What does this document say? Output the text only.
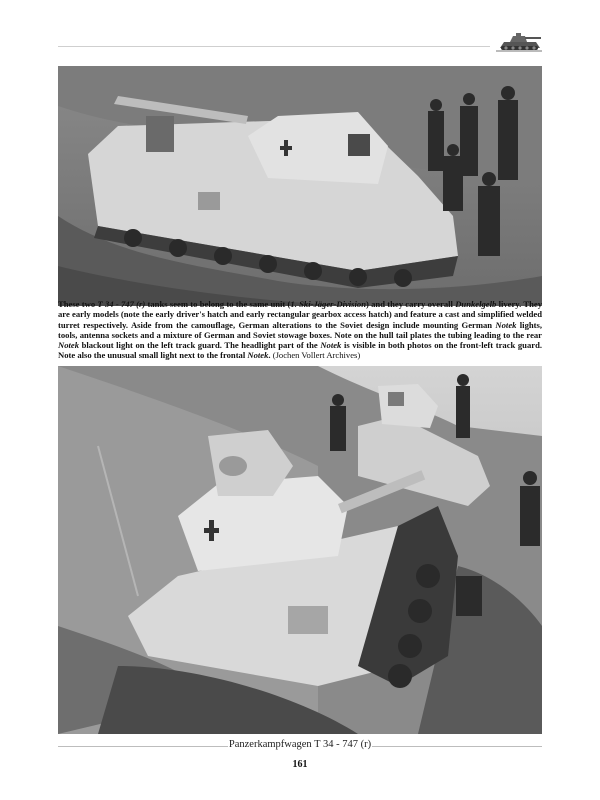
These two T 34 - 747 (r) tanks seem to belong to the same unit (1. Ski-Jäger-Division) and they carry overall Dunkelgelb livery. They are early models (note the early driver's hatch and early rectangular gearbox access hatch) and feature a cast and simplified welded turret respectively. Aside from the camouflage, German alterations to the Soviet design include mounting German Notek lights, tools, antenna sockets and a mixture of German and Soviet stowage boxes. Note on the hull tail plates the tubing leading to the rear Notek blackout light on the left track guard. The headlight part of the Notek is visible in both photos on the front-left track guard. Note also the unusual small light next to the frontal Notek. (Jochen Vollert Archives)
Panzerkampfwagen T 34 - 747 (r)
161
